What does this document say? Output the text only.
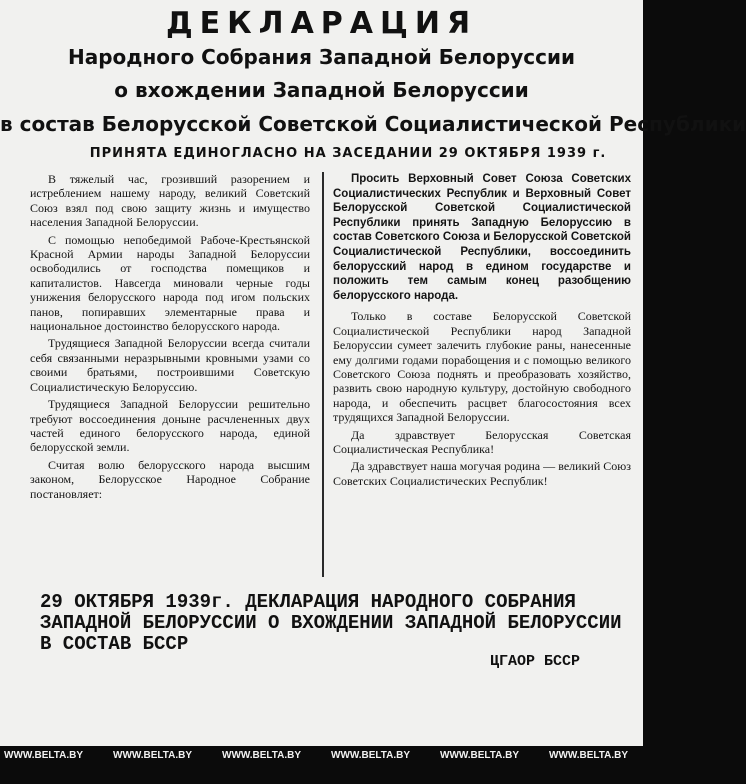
ДЕКЛАРАЦИЯ
Народного Собрания Западной Белоруссии
о вхождении Западной Белоруссии
в состав Белорусской Советской Социалистической Республики
ПРИНЯТА ЕДИНОГЛАСНО НА ЗАСЕДАНИИ 29 ОКТЯБРЯ 1939 г.

В тяжелый час, грозивший разорением и истреблением нашему народу, великий Советский Союз взял под свою защиту жизнь и имущество населения Западной Белоруссии.

С помощью непобедимой Рабоче-Крестьянской Красной Армии народы Западной Белоруссии освободились от господства помещиков и капиталистов. Навсегда миновали черные годы унижения белорусского народа под игом польских панов, попиравших элементарные права и национальное достоинство белорусского народа.

Трудящиеся Западной Белоруссии всегда считали себя связанными неразрывными кровными узами со своими братьями, построившими Советскую Социалистическую Белоруссию.

Трудящиеся Западной Белоруссии решительно требуют воссоединения доныне расчлененных двух частей единого белорусского народа, единой белорусской земли.

Считая волю белорусского народа высшим законом, Белорусское Народное Собрание постановляет:

Просить Верховный Совет Союза Советских Социалистических Республик и Верховный Совет Белорусской Советской Социалистической Республики принять Западную Белоруссию в состав Советского Союза и Белорусской Советской Социалистической Республики, воссоединить белорусский народ в едином государстве и положить тем самым конец разобщению белорусского народа.

Только в составе Белорусской Советской Социалистической Республики народ Западной Белоруссии сумеет залечить глубокие раны, нанесенные ему долгими годами порабощения и с помощью великого Советского Союза поднять и преобразовать хозяйство, развить свою народную культуру, достойную свободного народа, и обеспечить расцвет благосостояния всех трудящихся Западной Белоруссии.

Да здравствует Белорусская Советская Социалистическая Республика!

Да здравствует наша могучая родина — великий Союз Советских Социалистических Республик!

29 ОКТЯБРЯ 1939г. ДЕКЛАРАЦИЯ НАРОДНОГО СОБРАНИЯ
ЗАПАДНОЙ БЕЛОРУССИИ О ВХОЖДЕНИИ ЗАПАДНОЙ БЕЛОРУССИИ
В СОСТАВ БССР
ЦГАОР БССР
WWW.BELTA.BY	WWW.BELTA.BY	WWW.BELTA.BY	WWW.BELTA.BY	WWW.BELTA.BY	WWW.BELTA.BY
